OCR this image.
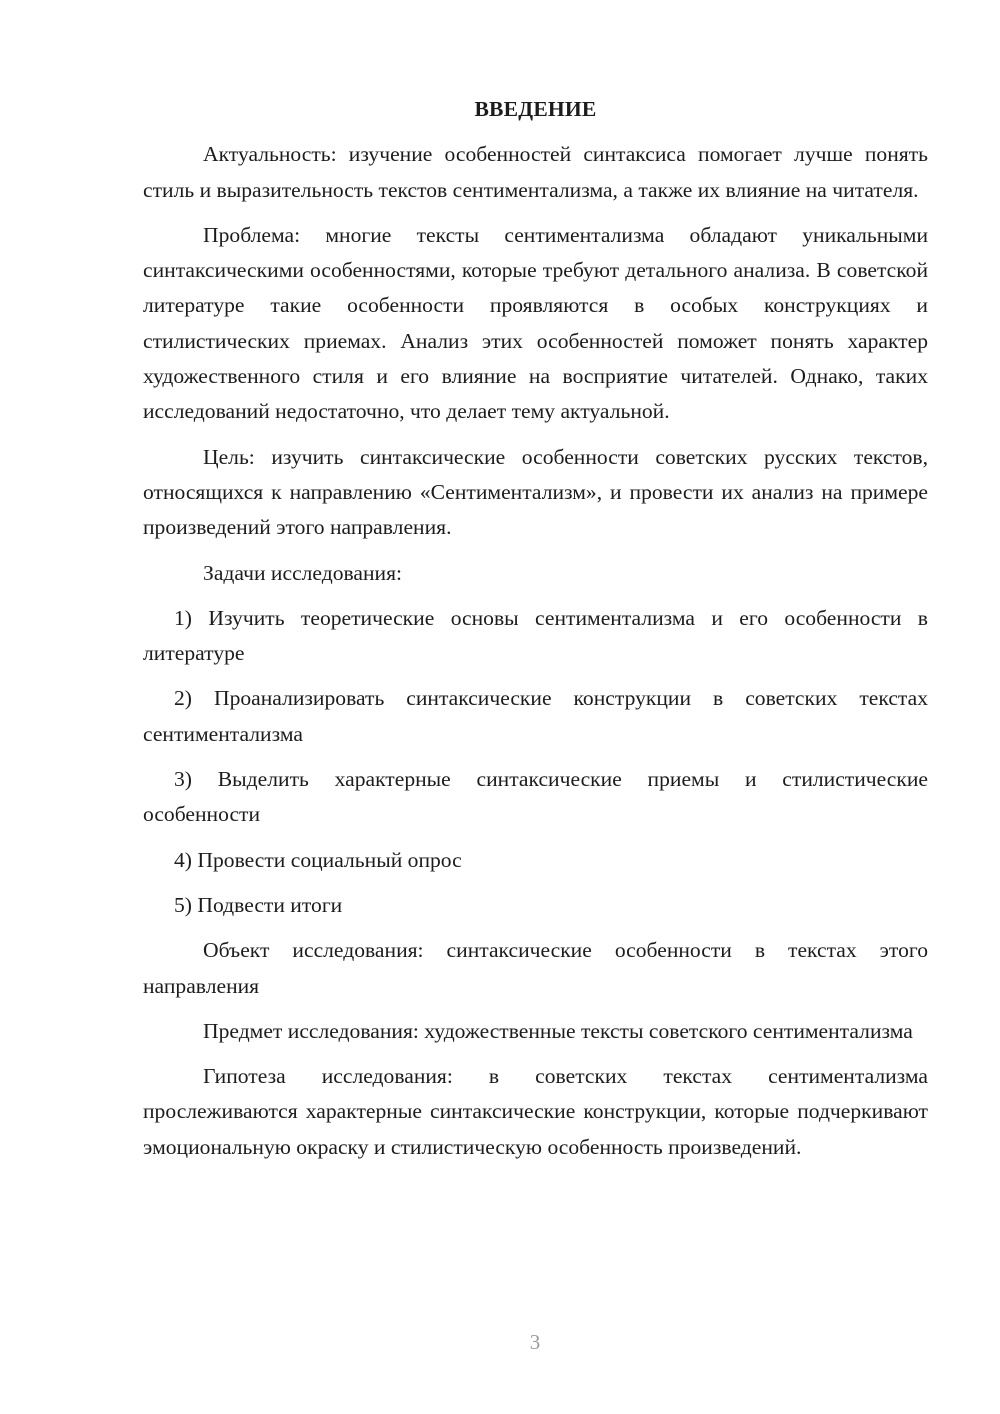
ВВЕДЕНИЕ

Актуальность: изучение особенностей синтаксиса помогает лучше понять стиль и выразительность текстов сентиментализма, а также их влияние на читателя.

Проблема: многие тексты сентиментализма обладают уникальными синтаксическими особенностями, которые требуют детального анализа. В советской литературе такие особенности проявляются в особых конструкциях и стилистических приемах. Анализ этих особенностей поможет понять характер художественного стиля и его влияние на восприятие читателей. Однако, таких исследований недостаточно, что делает тему актуальной.

Цель: изучить синтаксические особенности советских русских текстов, относящихся к направлению «Сентиментализм», и провести их анализ на примере произведений этого направления.

Задачи исследования:

1) Изучить теоретические основы сентиментализма и его особенности в литературе

2) Проанализировать синтаксические конструкции в советских текстах сентиментализма

3) Выделить характерные синтаксические приемы и стилистические особенности

4) Провести социальный опрос

5) Подвести итоги

Объект исследования: синтаксические особенности в текстах этого направления

Предмет исследования: художественные тексты советского сентиментализма

Гипотеза исследования: в советских текстах сентиментализма прослеживаются характерные синтаксические конструкции, которые подчеркивают эмоциональную окраску и стилистическую особенность произведений.

3
